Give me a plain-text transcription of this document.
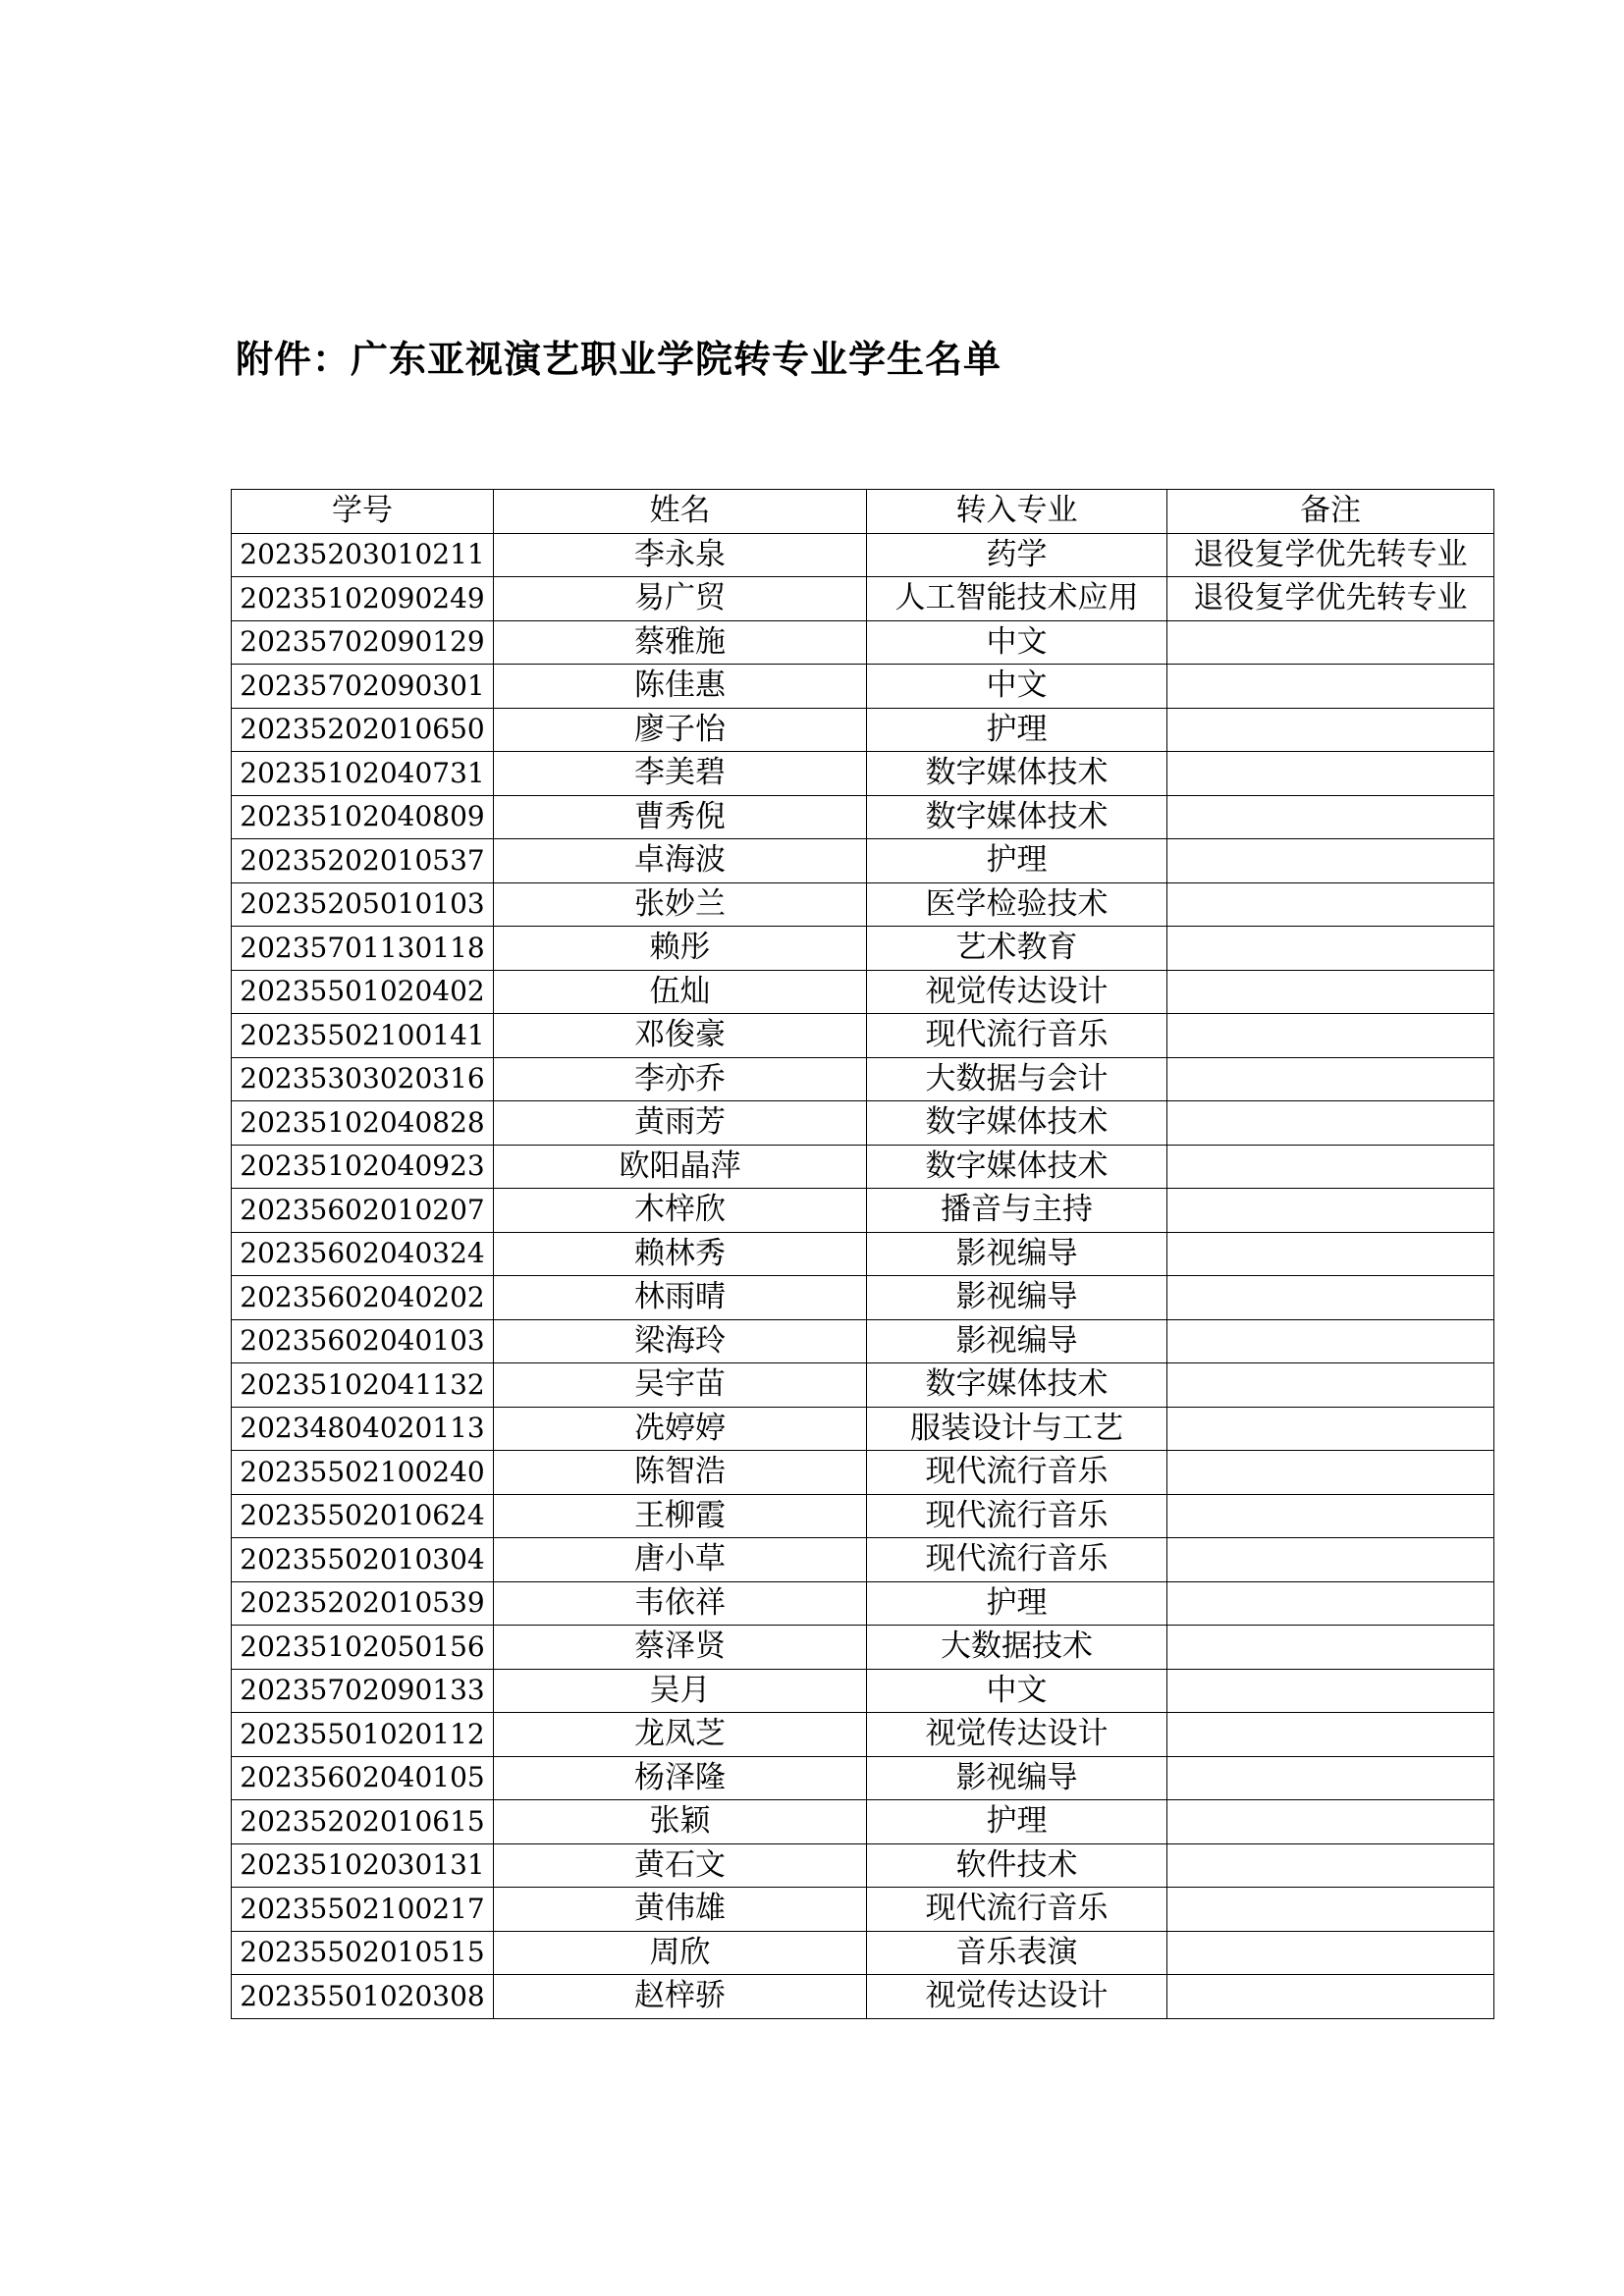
附件：广东亚视演艺职业学院转专业学生名单
学号	姓名	转入专业	备注
20235203010211	李永泉	药学	退役复学优先转专业
20235102090249	易广贸	人工智能技术应用	退役复学优先转专业
20235702090129	蔡雅施	中文	
20235702090301	陈佳惠	中文	
20235202010650	廖子怡	护理	
20235102040731	李美碧	数字媒体技术	
20235102040809	曹秀倪	数字媒体技术	
20235202010537	卓海波	护理	
20235205010103	张妙兰	医学检验技术	
20235701130118	赖彤	艺术教育	
20235501020402	伍灿	视觉传达设计	
20235502100141	邓俊豪	现代流行音乐	
20235303020316	李亦乔	大数据与会计	
20235102040828	黄雨芳	数字媒体技术	
20235102040923	欧阳晶萍	数字媒体技术	
20235602010207	木梓欣	播音与主持	
20235602040324	赖林秀	影视编导	
20235602040202	林雨晴	影视编导	
20235602040103	梁海玲	影视编导	
20235102041132	吴宇苗	数字媒体技术	
20234804020113	冼婷婷	服装设计与工艺	
20235502100240	陈智浩	现代流行音乐	
20235502010624	王柳霞	现代流行音乐	
20235502010304	唐小草	现代流行音乐	
20235202010539	韦依祥	护理	
20235102050156	蔡泽贤	大数据技术	
20235702090133	吴月	中文	
20235501020112	龙凤芝	视觉传达设计	
20235602040105	杨泽隆	影视编导	
20235202010615	张颖	护理	
20235102030131	黄石文	软件技术	
20235502100217	黄伟雄	现代流行音乐	
20235502010515	周欣	音乐表演	
20235501020308	赵梓骄	视觉传达设计	
